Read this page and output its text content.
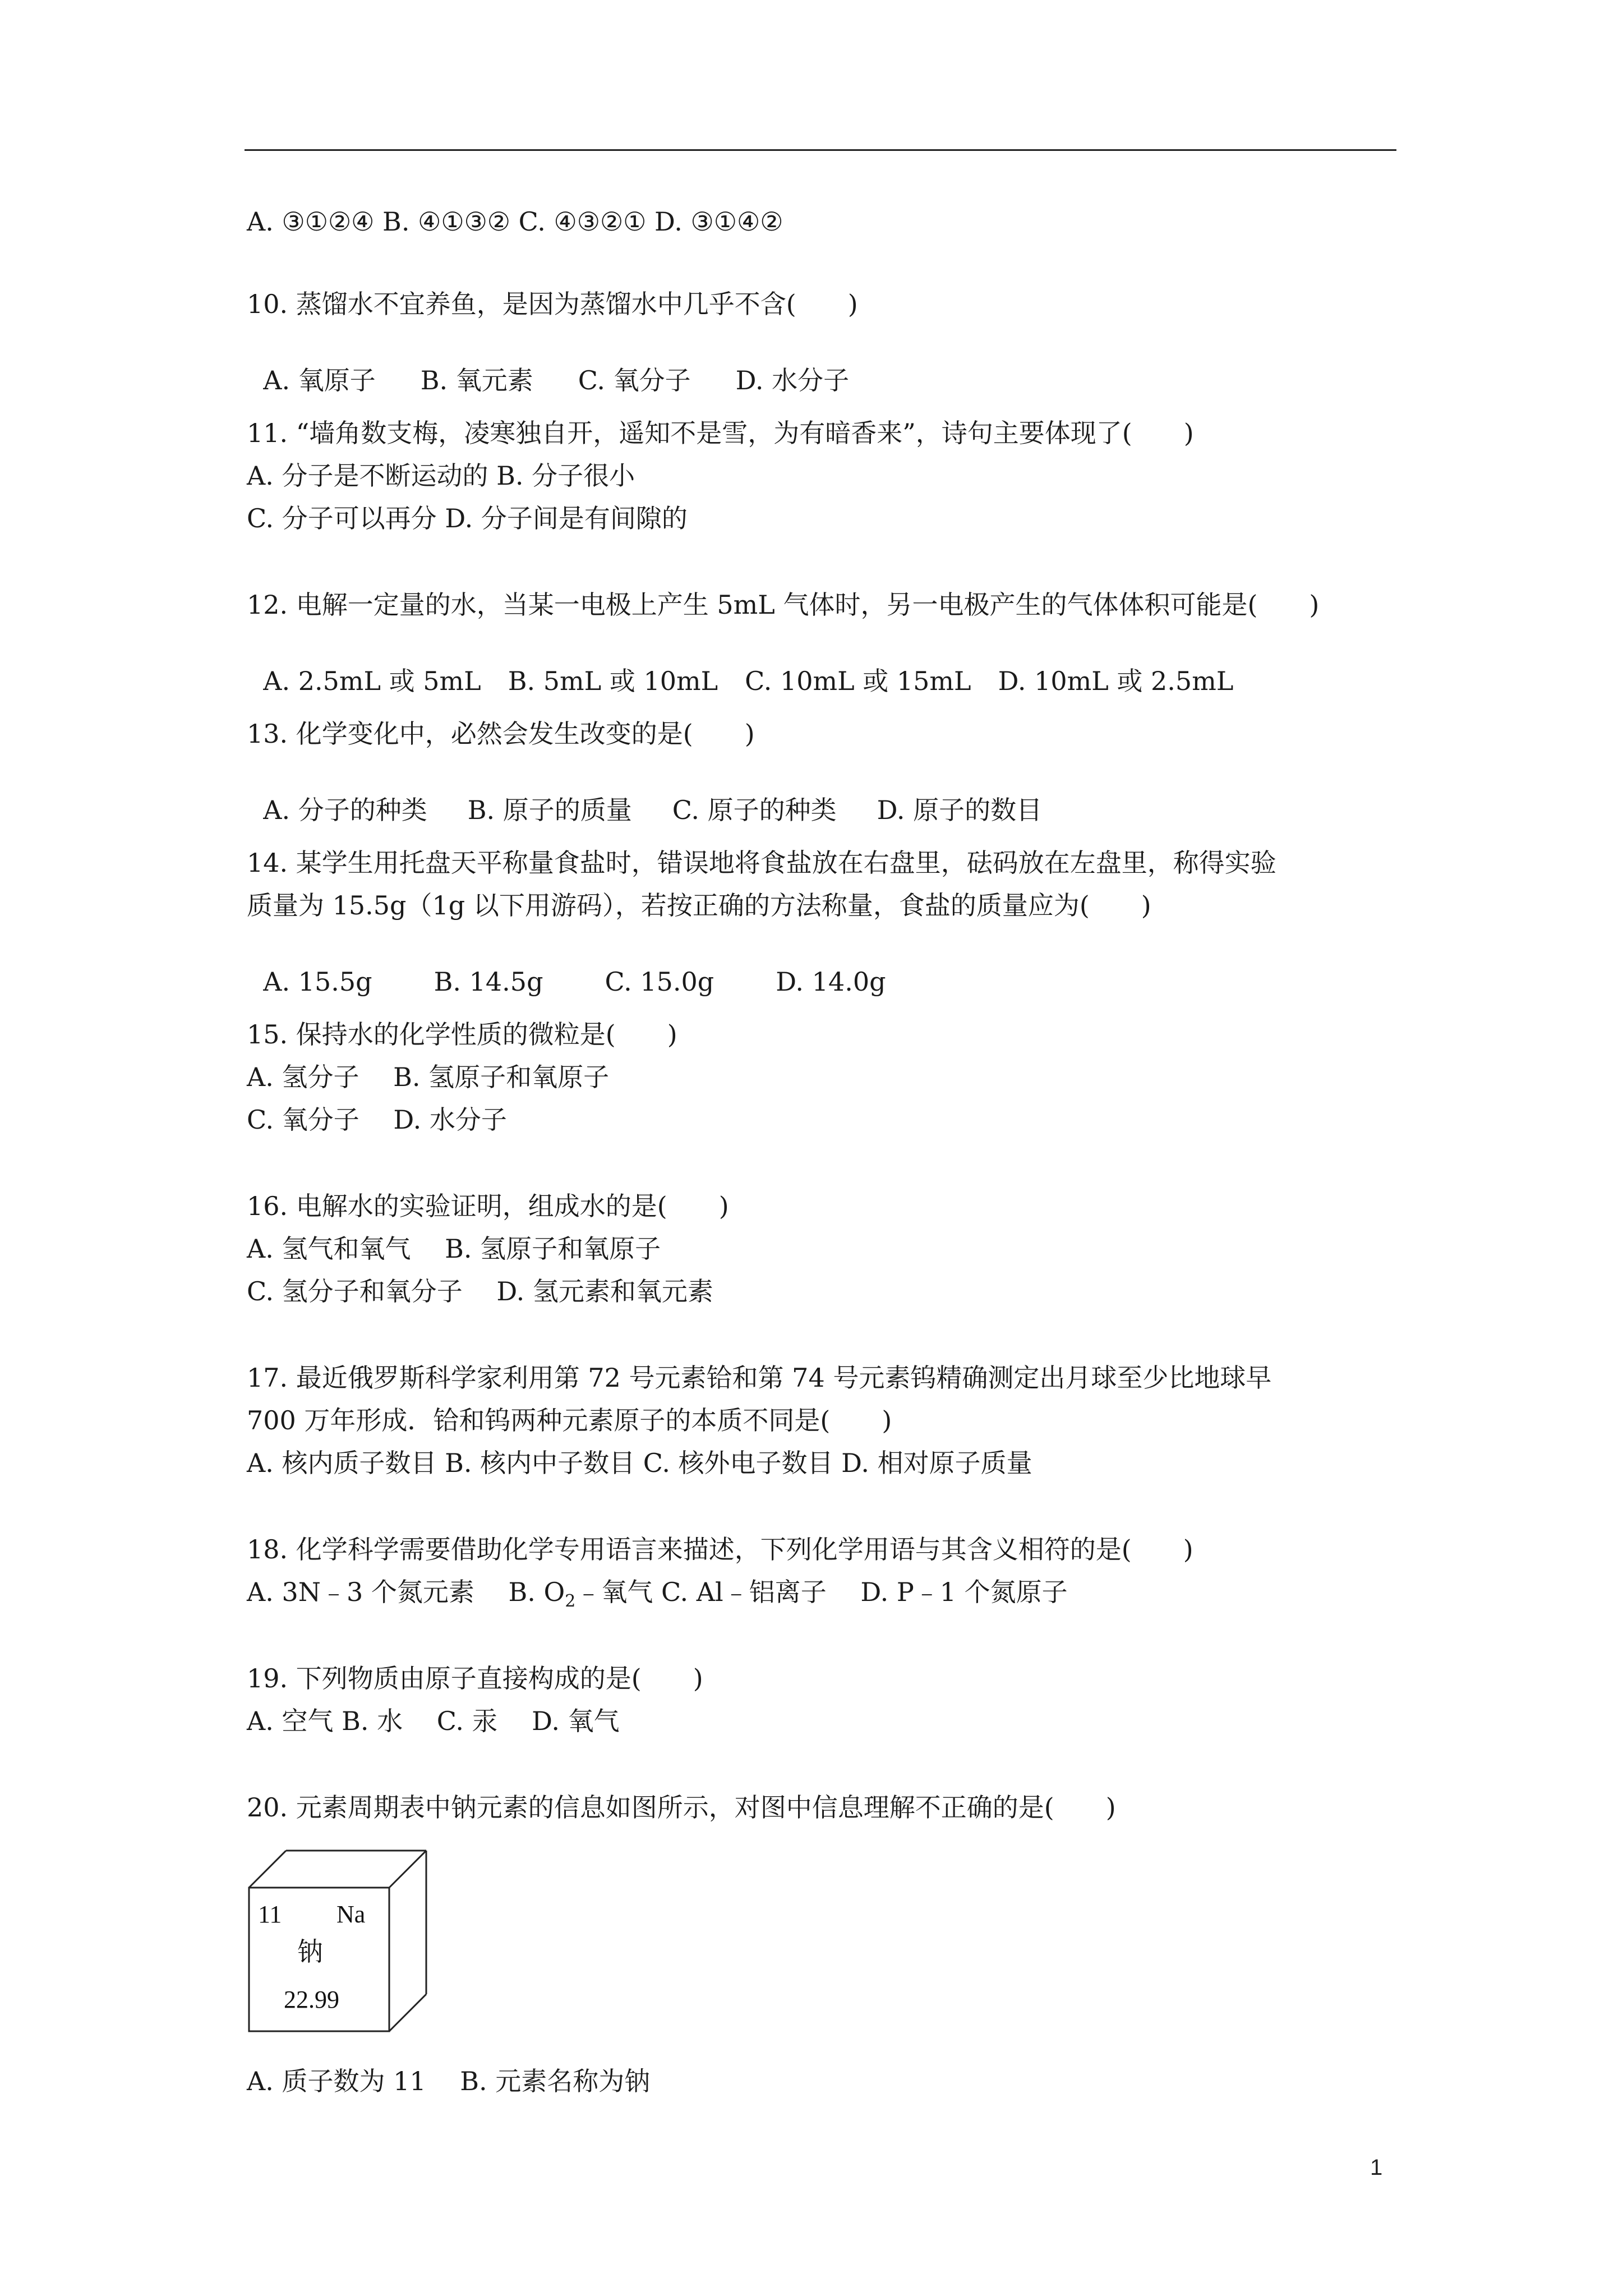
A. ③①②④ B. ④①③② C. ④③②① D. ③①④②
10. 蒸馏水不宜养鱼，是因为蒸馏水中几乎不含(　　)

A. 氧原子 B. 氧元素 C. 氧分子 D. 水分子

11. “墙角数支梅，凌寒独自开，遥知不是雪，为有暗香来”，诗句主要体现了(　　)
A. 分子是不断运动的 B. 分子很小
C. 分子可以再分 D. 分子间是有间隙的
12. 电解一定量的水，当某一电极上产生 5mL 气体时，另一电极产生的气体体积可能是(　　)

A. 2.5mL 或 5mL B. 5mL 或 10mL C. 10mL 或 15mL D. 10mL 或 2.5mL

13. 化学变化中，必然会发生改变的是(　　)

A. 分子的种类 B. 原子的质量 C. 原子的种类 D. 原子的数目

14. 某学生用托盘天平称量食盐时，错误地将食盐放在右盘里，砝码放在左盘里，称得实验
质量为 15.5g（1g 以下用游码），若按正确的方法称量，食盐的质量应为(　　)

A. 15.5g B. 14.5g C. 15.0g D. 14.0g

15. 保持水的化学性质的微粒是(　　)
A. 氢分子　 B. 氢原子和氧原子
C. 氧分子　 D. 水分子
16. 电解水的实验证明，组成水的是(　　)
A. 氢气和氧气　 B. 氢原子和氧原子
C. 氢分子和氧分子　 D. 氢元素和氧元素
17. 最近俄罗斯科学家利用第 72 号元素铪和第 74 号元素钨精确测定出月球至少比地球早
700 万年形成．铪和钨两种元素原子的本质不同是(　　)
A. 核内质子数目 B. 核内中子数目 C. 核外电子数目 D. 相对原子质量
18. 化学科学需要借助化学专用语言来描述，下列化学用语与其含义相符的是(　　)
A. 3N﹣3 个氮元素　 B. $O_2﹣$氧气 C. Al﹣铝离子　 D. P﹣1 个氮原子
19. 下列物质由原子直接构成的是(　　)
A. 空气 B. 水　 C. 汞　 D. 氧气
20. 元素周期表中钠元素的信息如图所示，对图中信息理解不正确的是(　　)
11 Na
钠
22.99
A. 质子数为 11　 B. 元素名称为钠
1
